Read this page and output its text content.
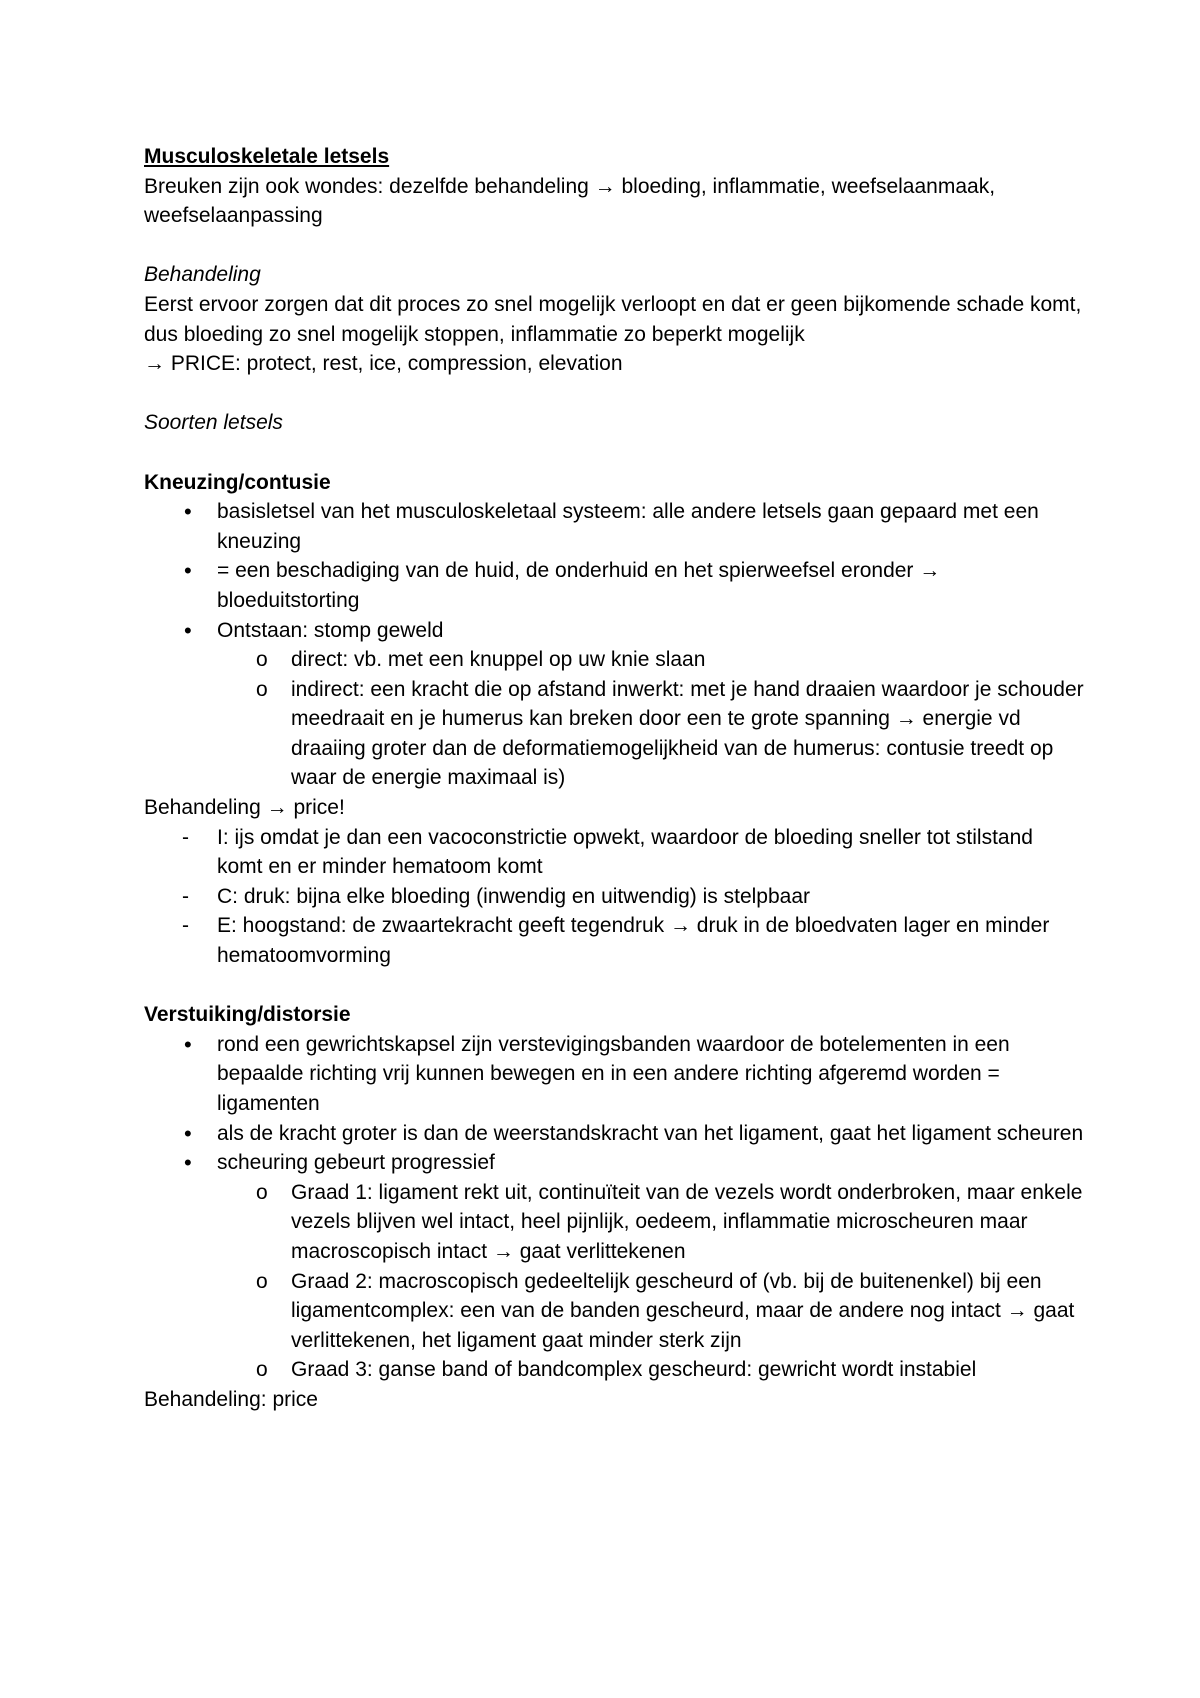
Musculoskeletale letsels

Breuken zijn ook wondes: dezelfde behandeling → bloeding, inflammatie, weefselaanmaak, weefselaanpassing

Behandeling

Eerst ervoor zorgen dat dit proces zo snel mogelijk verloopt en dat er geen bijkomende schade komt, dus bloeding zo snel mogelijk stoppen, inflammatie zo beperkt mogelijk

→ PRICE: protect, rest, ice, compression, elevation

Soorten letsels

Kneuzing/contusie

• basisletsel van het musculoskeletaal systeem: alle andere letsels gaan gepaard met een kneuzing
• = een beschadiging van de huid, de onderhuid en het spierweefsel eronder → bloeduitstorting
• Ontstaan: stomp geweld
o direct: vb. met een knuppel op uw knie slaan
o indirect: een kracht die op afstand inwerkt: met je hand draaien waardoor je schouder meedraait en je humerus kan breken door een te grote spanning → energie vd draaiing groter dan de deformatiemogelijkheid van de humerus: contusie treedt op waar de energie maximaal is)

Behandeling → price!

- I: ijs omdat je dan een vacoconstrictie opwekt, waardoor de bloeding sneller tot stilstand komt en er minder hematoom komt
- C: druk: bijna elke bloeding (inwendig en uitwendig) is stelpbaar
- E: hoogstand: de zwaartekracht geeft tegendruk → druk in de bloedvaten lager en minder hematoomvorming

Verstuiking/distorsie

• rond een gewrichtskapsel zijn verstevigingsbanden waardoor de botelementen in een bepaalde richting vrij kunnen bewegen en in een andere richting afgeremd worden = ligamenten
• als de kracht groter is dan de weerstandskracht van het ligament, gaat het ligament scheuren
• scheuring gebeurt progressief
o Graad 1: ligament rekt uit, continuïteit van de vezels wordt onderbroken, maar enkele vezels blijven wel intact, heel pijnlijk, oedeem, inflammatie microscheuren maar macroscopisch intact → gaat verlittekenen
o Graad 2: macroscopisch gedeeltelijk gescheurd of (vb. bij de buitenenkel) bij een ligamentcomplex: een van de banden gescheurd, maar de andere nog intact → gaat verlittekenen, het ligament gaat minder sterk zijn
o Graad 3: ganse band of bandcomplex gescheurd: gewricht wordt instabiel

Behandeling: price
